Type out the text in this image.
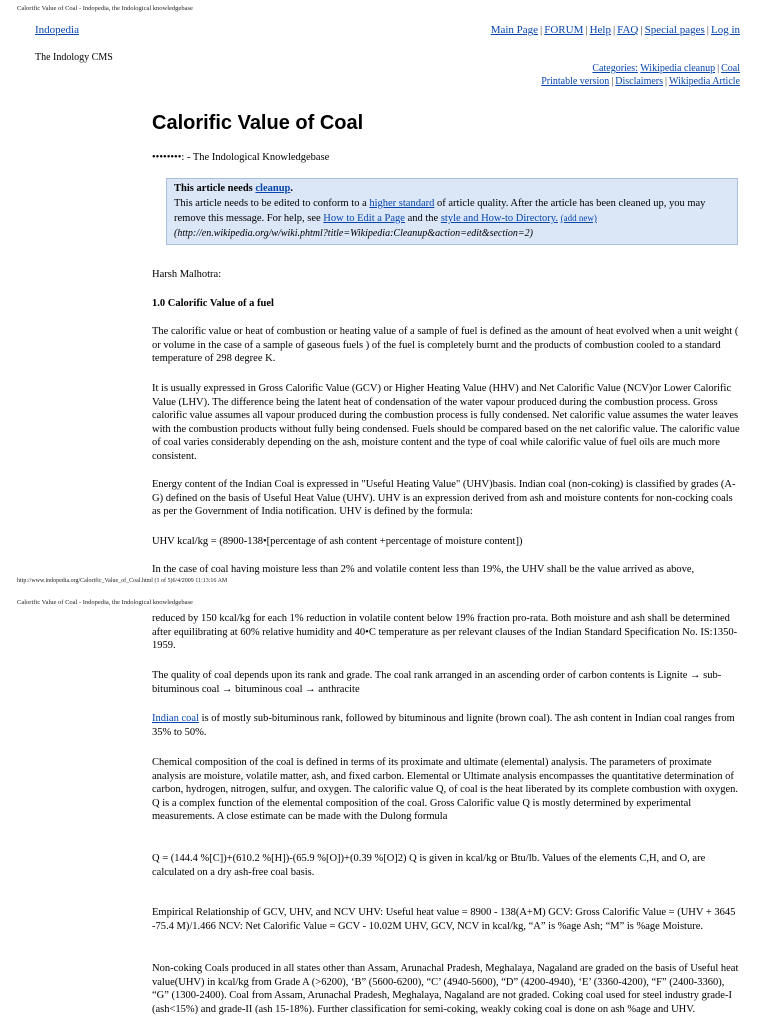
Calorific Value of Coal - Indopedia, the Indological knowledgebase
Indopedia
The Indology CMS
Main Page | FORUM | Help | FAQ | Special pages | Log in
Categories: Wikipedia cleanup | Coal
Printable version | Disclaimers | Wikipedia Article
Calorific Value of Coal
••••••••: - The Indological Knowledgebase
This article needs cleanup.
This article needs to be edited to conform to a higher standard of article quality. After the article has been cleaned up, you may remove this message. For help, see How to Edit a Page and the style and How-to Directory. (add new) (http://en.wikipedia.org/w/wiki.phtml?title=Wikipedia:Cleanup&action=edit&section=2)
Harsh Malhotra:
1.0 Calorific Value of a fuel
The calorific value or heat of combustion or heating value of a sample of fuel is defined as the amount of heat evolved when a unit weight ( or volume in the case of a sample of gaseous fuels ) of the fuel is completely burnt and the products of combustion cooled to a standard temperature of 298 degree K.
It is usually expressed in Gross Calorific Value (GCV) or Higher Heating Value (HHV) and Net Calorific Value (NCV)or Lower Calorific Value (LHV). The difference being the latent heat of condensation of the water vapour produced during the combustion process. Gross calorific value assumes all vapour produced during the combustion process is fully condensed. Net calorific value assumes the water leaves with the combustion products without fully being condensed. Fuels should be compared based on the net calorific value. The calorific value of coal varies considerably depending on the ash, moisture content and the type of coal while calorific value of fuel oils are much more consistent.
Energy content of the Indian Coal is expressed in "Useful Heating Value" (UHV)basis. Indian coal (non-coking) is classified by grades (A-G) defined on the basis of Useful Heat Value (UHV). UHV is an expression derived from ash and moisture contents for non-cocking coals as per the Government of India notification. UHV is defined by the formula:
UHV kcal/kg = (8900-138•[percentage of ash content +percentage of moisture content])
In the case of coal having moisture less than 2% and volatile content less than 19%, the UHV shall be the value arrived as above,
http://www.indopedia.org/Calorific_Value_of_Coal.html (1 of 5)6/4/2009 11:13:16 AM
Calorific Value of Coal - Indopedia, the Indological knowledgebase
reduced by 150 kcal/kg for each 1% reduction in volatile content below 19% fraction pro-rata. Both moisture and ash shall be determined after equilibrating at 60% relative humidity and 40•C temperature as per relevant clauses of the Indian Standard Specification No. IS:1350-1959.
The quality of coal depends upon its rank and grade. The coal rank arranged in an ascending order of carbon contents is Lignite → sub-bituminous coal → bituminous coal → anthracite
Indian coal is of mostly sub-bituminous rank, followed by bituminous and lignite (brown coal). The ash content in Indian coal ranges from 35% to 50%.
Chemical composition of the coal is defined in terms of its proximate and ultimate (elemental) analysis. The parameters of proximate analysis are moisture, volatile matter, ash, and fixed carbon. Elemental or Ultimate analysis encompasses the quantitative determination of carbon, hydrogen, nitrogen, sulfur, and oxygen. The calorific value Q, of coal is the heat liberated by its complete combustion with oxygen. Q is a complex function of the elemental composition of the coal. Gross Calorific value Q is mostly determined by experimental measurements. A close estimate can be made with the Dulong formula
Q = (144.4 %[C])+(610.2 %[H])-(65.9 %[O])+(0.39 %[O]2) Q is given in kcal/kg or Btu/lb. Values of the elements C,H, and O, are calculated on a dry ash-free coal basis.
Empirical Relationship of GCV, UHV, and NCV UHV: Useful heat value = 8900 - 138(A+M) GCV: Gross Calorific Value = (UHV + 3645 -75.4 M)/1.466 NCV: Net Calorific Value = GCV - 10.02M UHV, GCV, NCV in kcal/kg, “A” is %age Ash; “M” is %age Moisture.
Non-coking Coals produced in all states other than Assam, Arunachal Pradesh, Meghalaya, Nagaland are graded on the basis of Useful heat value(UHV) in kcal/kg from Grade A (>6200), ‘B” (5600-6200), “C’ (4940-5600), “D” (4200-4940), ‘E’ (3360-4200), “F” (2400-3360), “G” (1300-2400). Coal from Assam, Arunachal Pradesh, Meghalaya, Nagaland are not graded. Coking coal used for steel industry grade-I (ash<15%) and grade-II (ash 15-18%). Further classification for semi-coking, weakly coking coal is done on ash %age and UHV.
